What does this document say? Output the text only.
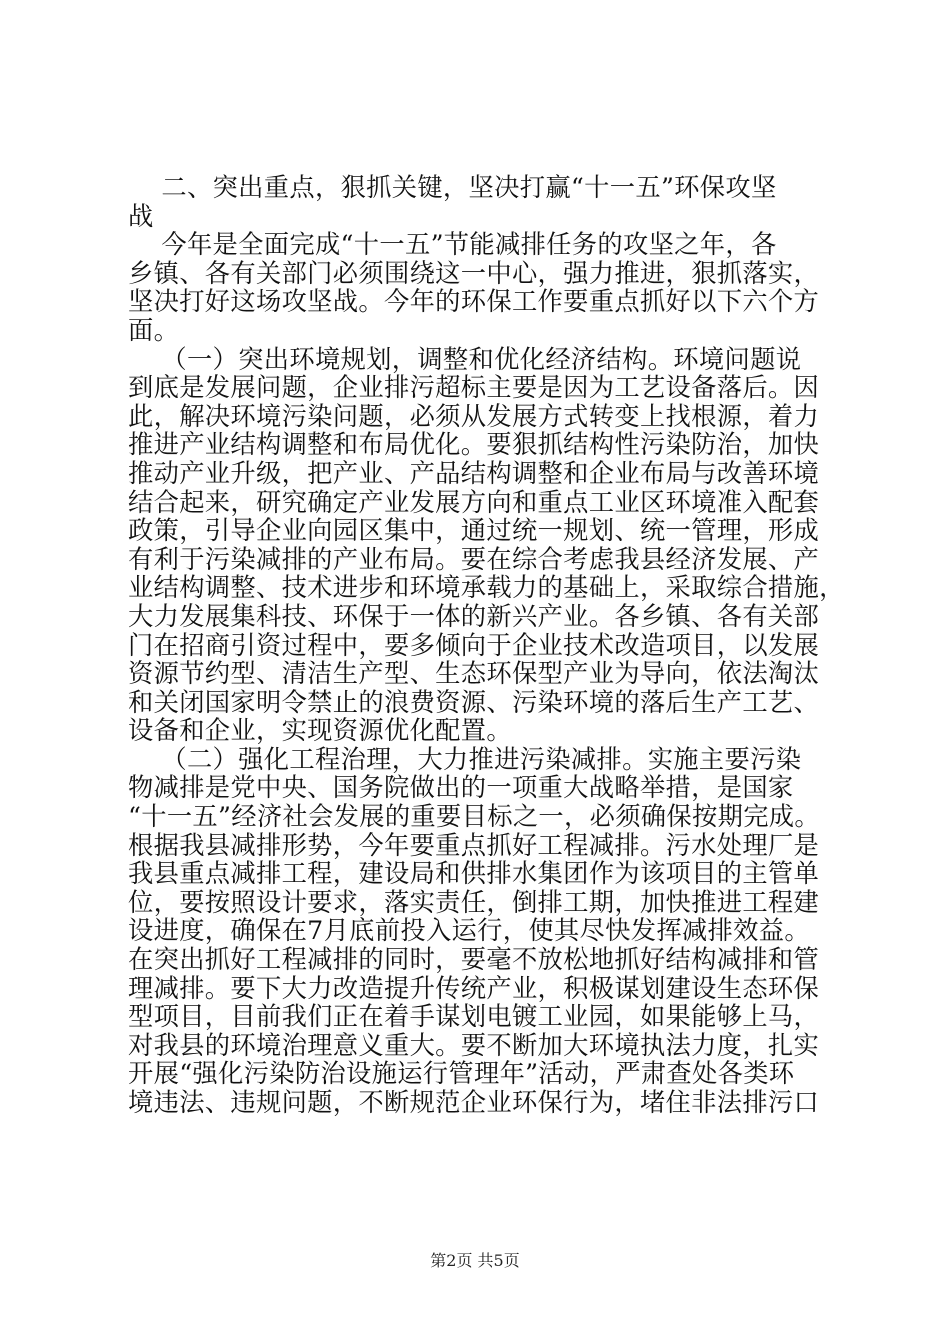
二、突出重点，狠抓关键，坚决打赢“十一五”环保攻坚
战
今年是全面完成“十一五”节能减排任务的攻坚之年，各
乡镇、各有关部门必须围绕这一中心，强力推进，狠抓落实，
坚决打好这场攻坚战。今年的环保工作要重点抓好以下六个方
面。
（一）突出环境规划，调整和优化经济结构。环境问题说
到底是发展问题，企业排污超标主要是因为工艺设备落后。因
此，解决环境污染问题，必须从发展方式转变上找根源，着力
推进产业结构调整和布局优化。要狠抓结构性污染防治，加快
推动产业升级，把产业、产品结构调整和企业布局与改善环境
结合起来，研究确定产业发展方向和重点工业区环境准入配套
政策，引导企业向园区集中，通过统一规划、统一管理，形成
有利于污染减排的产业布局。要在综合考虑我县经济发展、产
业结构调整、技术进步和环境承载力的基础上，采取综合措施，
大力发展集科技、环保于一体的新兴产业。各乡镇、各有关部
门在招商引资过程中，要多倾向于企业技术改造项目，以发展
资源节约型、清洁生产型、生态环保型产业为导向，依法淘汰
和关闭国家明令禁止的浪费资源、污染环境的落后生产工艺、
设备和企业，实现资源优化配置。
（二）强化工程治理，大力推进污染减排。实施主要污染
物减排是党中央、国务院做出的一项重大战略举措，是国家
“十一五”经济社会发展的重要目标之一，必须确保按期完成。
根据我县减排形势，今年要重点抓好工程减排。污水处理厂是
我县重点减排工程，建设局和供排水集团作为该项目的主管单
位，要按照设计要求，落实责任，倒排工期，加快推进工程建
设进度，确保在7月底前投入运行，使其尽快发挥减排效益。
在突出抓好工程减排的同时，要毫不放松地抓好结构减排和管
理减排。要下大力改造提升传统产业，积极谋划建设生态环保
型项目，目前我们正在着手谋划电镀工业园，如果能够上马，
对我县的环境治理意义重大。要不断加大环境执法力度，扎实
开展“强化污染防治设施运行管理年”活动，严肃查处各类环
境违法、违规问题，不断规范企业环保行为，堵住非法排污口
第2页 共5页
